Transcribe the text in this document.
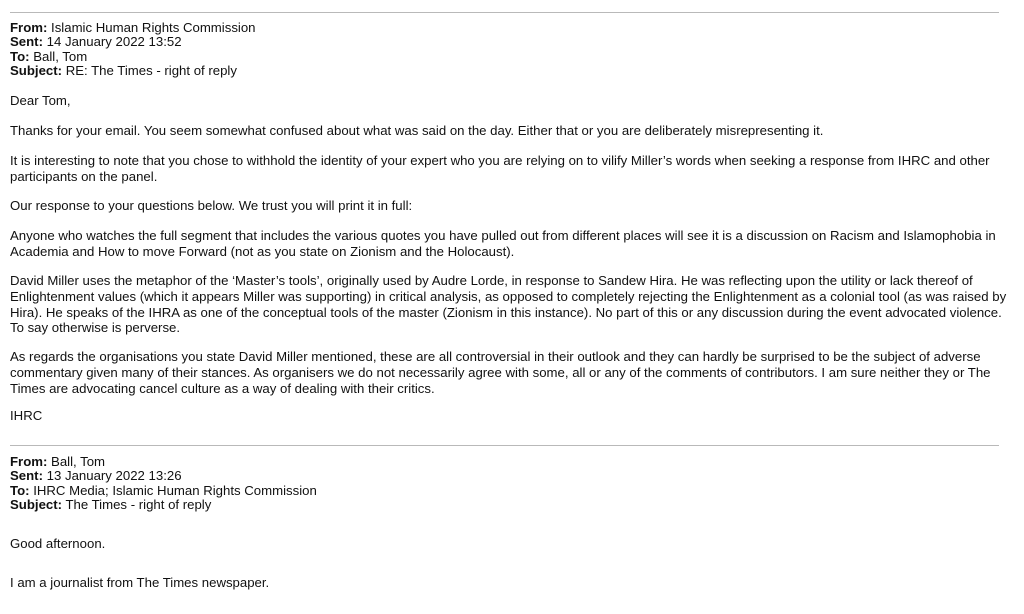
From: Islamic Human Rights Commission
Sent: 14 January 2022 13:52
To: Ball, Tom
Subject: RE: The Times - right of reply

Dear Tom,

Thanks for your email. You seem somewhat confused about what was said on the day. Either that or you are deliberately misrepresenting it.

It is interesting to note that you chose to withhold the identity of your expert who you are relying on to vilify Miller’s words when seeking a response from IHRC and other participants on the panel.

Our response to your questions below. We trust you will print it in full:

Anyone who watches the full segment that includes the various quotes you have pulled out from different places will see it is a discussion on Racism and Islamophobia in Academia and How to move Forward (not as you state on Zionism and the Holocaust).

David Miller uses the metaphor of the ‘Master’s tools’, originally used by Audre Lorde, in response to Sandew Hira. He was reflecting upon the utility or lack thereof of Enlightenment values (which it appears Miller was supporting) in critical analysis, as opposed to completely rejecting the Enlightenment as a colonial tool (as was raised by Hira). He speaks of the IHRA as one of the conceptual tools of the master (Zionism in this instance). No part of this or any discussion during the event advocated violence. To say otherwise is perverse.

As regards the organisations you state David Miller mentioned, these are all controversial in their outlook and they can hardly be surprised to be the subject of adverse commentary given many of their stances. As organisers we do not necessarily agree with some, all or any of the comments of contributors. I am sure neither they or The Times are advocating cancel culture as a way of dealing with their critics.

IHRC

From: Ball, Tom
Sent: 13 January 2022 13:26
To: IHRC Media; Islamic Human Rights Commission
Subject: The Times - right of reply

Good afternoon.

I am a journalist from The Times newspaper.
